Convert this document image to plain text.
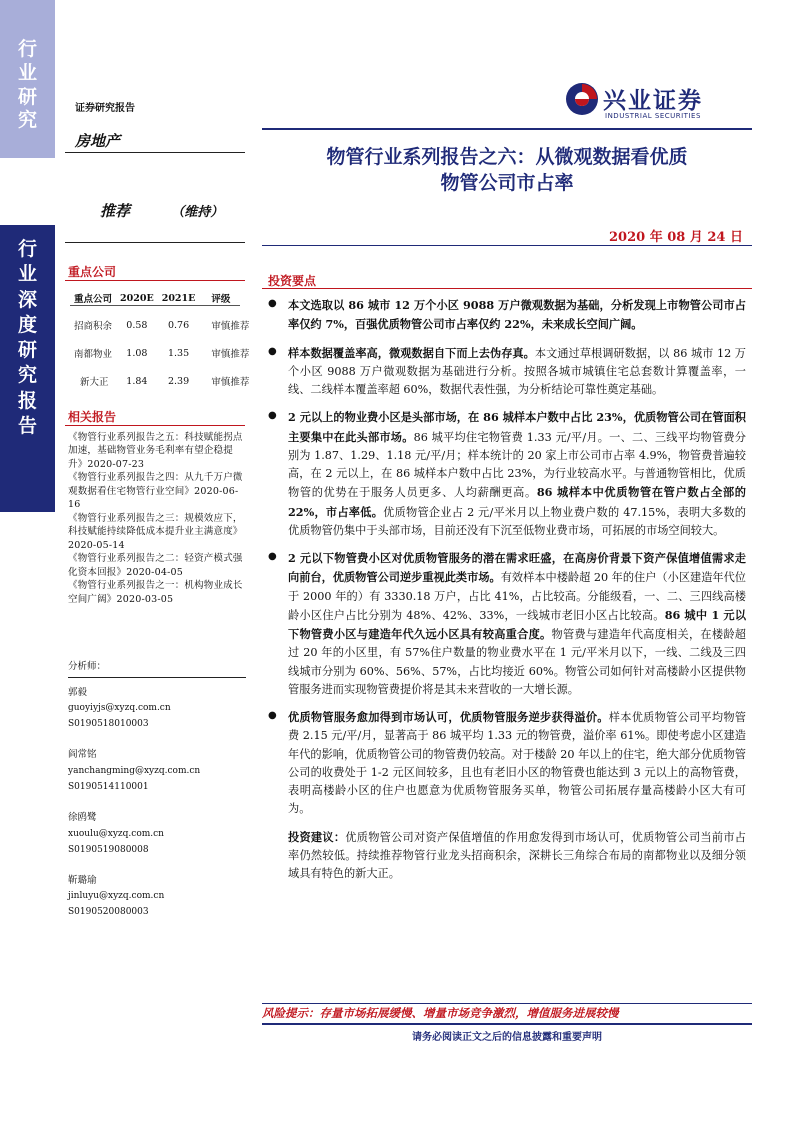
行
业
研
究
行
业
深
度
研
究
报
告
证券研究报告
房地产
推荐	（维持）
兴业证券
INDUSTRIAL SECURITIES
物管行业系列报告之六：从微观数据看优质
物管公司市占率
2020 年 08 月 24 日
重点公司
重点公司	2020E	2021E	评级
招商积余	0.58	0.76	审慎推荐
南都物业	1.08	1.35	审慎推荐
新大正	1.84	2.39	审慎推荐
相关报告

《物管行业系列报告之五：科技赋能拐点加速，基础物管业务毛利率有望企稳提升》2020-07-23

《物管行业系列报告之四：从九千万户微观数据看住宅物管行业空间》2020-06-16

《物管行业系列报告之三：规模效应下，科技赋能持续降低成本提升业主满意度》2020-05-14

《物管行业系列报告之二：轻资产模式强化资本回报》2020-04-05

《物管行业系列报告之一：机构物业成长空间广阔》2020-03-05

分析师：
郭毅
guoyiyjs@xyzq.com.cn
S0190518010003
阎常铭
yanchangming@xyzq.com.cn
S0190514110001
徐鸥鹭
xuoulu@xyzq.com.cn
S0190519080008
靳璐瑜
jinluyu@xyzq.com.cn
S0190520080003
投资要点
● 本文选取以 86 城市 12 万个小区 9088 万户微观数据为基础，分析发现上市物管公司市占率仅约 7%，百强优质物管公司市占率仅约 22%，未来成长空间广阔。
● 样本数据覆盖率高，微观数据自下而上去伪存真。本文通过草根调研数据，以 86 城市 12 万个小区 9088 万户微观数据为基础进行分析。按照各城市城镇住宅总套数计算覆盖率，一线、二线样本覆盖率超 60%，数据代表性强，为分析结论可靠性奠定基础。
● 2 元以上的物业费小区是头部市场，在 86 城样本户数中占比 23%，优质物管公司在管面积主要集中在此头部市场。86 城平均住宅物管费 1.33 元/平/月。一、二、三线平均物管费分别为 1.87、1.29、1.18 元/平/月；样本统计的 20 家上市公司市占率 4.9%，物管费普遍较高，在 2 元以上，在 86 城样本户数中占比 23%，为行业较高水平。与普通物管相比，优质物管的优势在于服务人员更多、人均薪酬更高。86 城样本中优质物管在管户数占全部的 22%，市占率低。优质物管企业占 2 元/平米月以上物业费户数的 47.15%，表明大多数的优质物管仍集中于头部市场，目前还没有下沉至低物业费市场，可拓展的市场空间较大。
● 2 元以下物管费小区对优质物管服务的潜在需求旺盛，在高房价背景下资产保值增值需求走向前台，优质物管公司逆步重视此类市场。有效样本中楼龄超 20 年的住户（小区建造年代位于 2000 年的）有 3330.18 万户，占比 41%，占比较高。分能级看，一、二、三四线高楼龄小区住户占比分别为 48%、42%、33%，一线城市老旧小区占比较高。86 城中 1 元以下物管费小区与建造年代久远小区具有较高重合度。物管费与建造年代高度相关，在楼龄超过 20 年的小区里，有 57%住户数量的物业费水平在 1 元/平米月以下，一线、二线及三四线城市分别为 60%、56%、57%，占比均接近 60%。物管公司如何针对高楼龄小区提供物管服务进而实现物管费提价将是其未来营收的一大增长源。
● 优质物管服务愈加得到市场认可，优质物管服务逆步获得溢价。样本优质物管公司平均物管费 2.15 元/平/月，显著高于 86 城平均 1.33 元的物管费，溢价率 61%。即使考虑小区建造年代的影响，优质物管公司的物管费仍较高。对于楼龄 20 年以上的住宅，绝大部分优质物管公司的收费处于 1-2 元区间较多，且也有老旧小区的物管费也能达到 3 元以上的高物管费，表明高楼龄小区的住户也愿意为优质物管服务买单，物管公司拓展存量高楼龄小区大有可为。
投资建议：优质物管公司对资产保值增值的作用愈发得到市场认可，优质物管公司当前市占率仍然较低。持续推荐物管行业龙头招商积余，深耕长三角综合布局的南都物业以及细分领域具有特色的新大正。
风险提示：存量市场拓展缓慢、增量市场竞争激烈，增值服务进展较慢
请务必阅读正文之后的信息披露和重要声明
